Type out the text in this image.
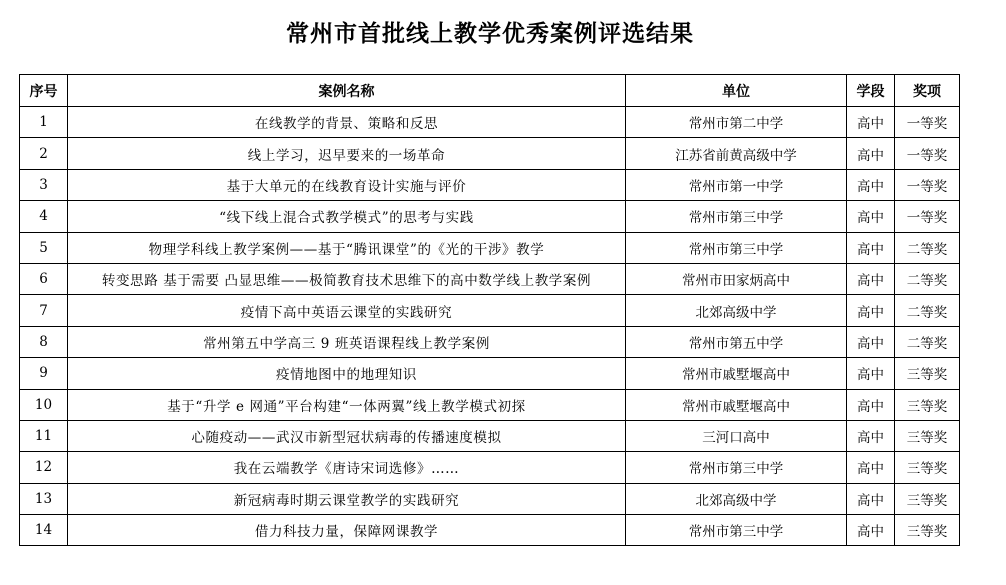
常州市首批线上教学优秀案例评选结果
序号	案例名称	单位	学段	奖项
1	在线教学的背景、策略和反思	常州市第二中学	高中	一等奖
2	线上学习，迟早要来的一场革命	江苏省前黄高级中学	高中	一等奖
3	基于大单元的在线教育设计实施与评价	常州市第一中学	高中	一等奖
4	“线下线上混合式教学模式”的思考与实践	常州市第三中学	高中	一等奖
5	物理学科线上教学案例——基于“腾讯课堂”的《光的干涉》教学	常州市第三中学	高中	二等奖
6	转变思路 基于需要 凸显思维——极简教育技术思维下的高中数学线上教学案例	常州市田家炳高中	高中	二等奖
7	疫情下高中英语云课堂的实践研究	北郊高级中学	高中	二等奖
8	常州第五中学高三 9 班英语课程线上教学案例	常州市第五中学	高中	二等奖
9	疫情地图中的地理知识	常州市戚墅堰高中	高中	三等奖
10	基于“升学 e 网通”平台构建“一体两翼”线上教学模式初探	常州市戚墅堰高中	高中	三等奖
11	心随疫动——武汉市新型冠状病毒的传播速度模拟	三河口高中	高中	三等奖
12	我在云端教学《唐诗宋词选修》……	常州市第三中学	高中	三等奖
13	新冠病毒时期云课堂教学的实践研究	北郊高级中学	高中	三等奖
14	借力科技力量，保障网课教学	常州市第三中学	高中	三等奖
